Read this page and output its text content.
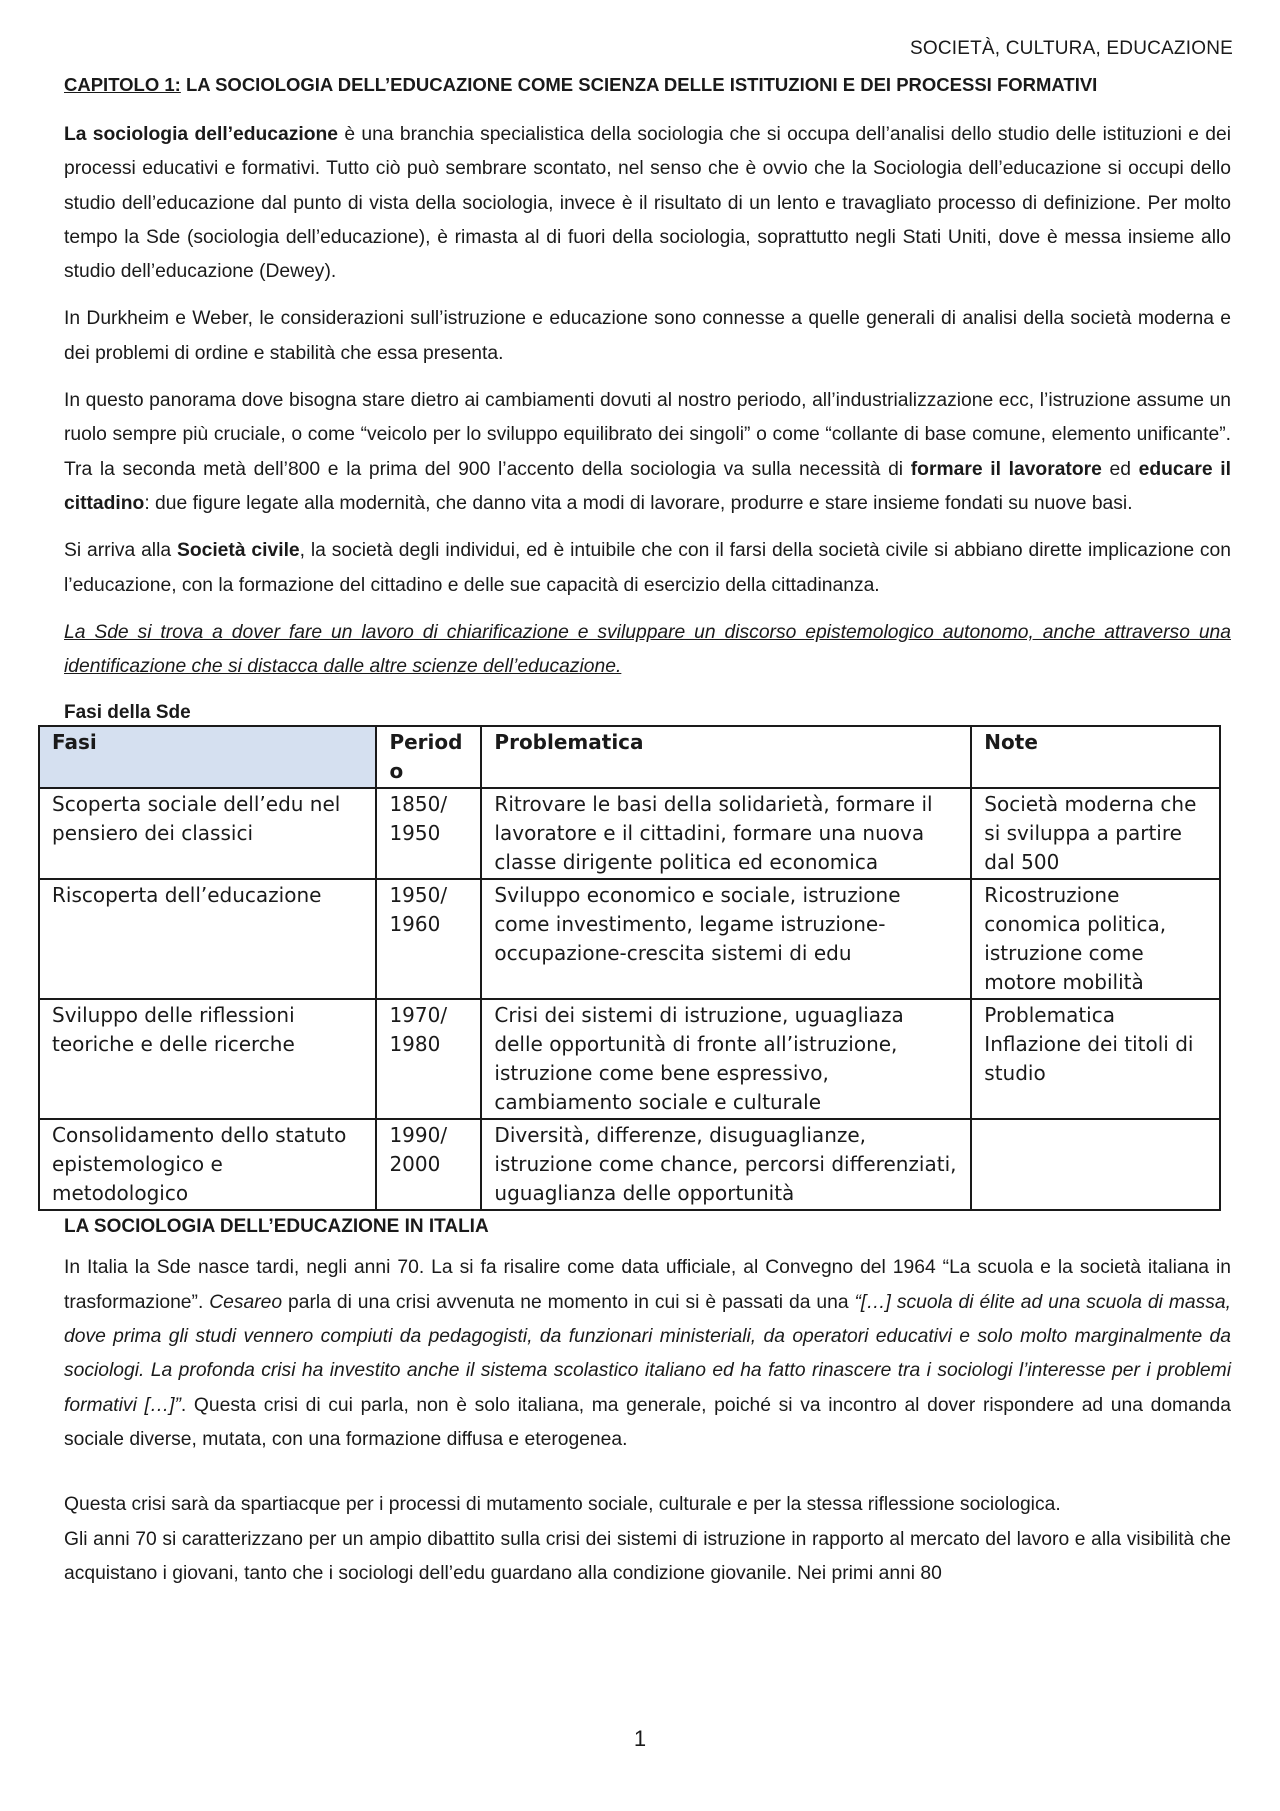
SOCIETÀ, CULTURA, EDUCAZIONE
CAPITOLO 1: LA SOCIOLOGIA DELL’EDUCAZIONE COME SCIENZA DELLE ISTITUZIONI E DEI PROCESSI FORMATIVI

La sociologia dell’educazione è una branchia specialistica della sociologia che si occupa dell’analisi dello studio delle istituzioni e dei processi educativi e formativi. Tutto ciò può sembrare scontato, nel senso che è ovvio che la Sociologia dell’educazione si occupi dello studio dell’educazione dal punto di vista della sociologia, invece è il risultato di un lento e travagliato processo di definizione. Per molto tempo la Sde (sociologia dell’educazione), è rimasta al di fuori della sociologia, soprattutto negli Stati Uniti, dove è messa insieme allo studio dell’educazione (Dewey).

In Durkheim e Weber, le considerazioni sull’istruzione e educazione sono connesse a quelle generali di analisi della società moderna e dei problemi di ordine e stabilità che essa presenta.

In questo panorama dove bisogna stare dietro ai cambiamenti dovuti al nostro periodo, all’industrializzazione ecc, l’istruzione assume un ruolo sempre più cruciale, o come “veicolo per lo sviluppo equilibrato dei singoli” o come “collante di base comune, elemento unificante”. Tra la seconda metà dell’800 e la prima del 900 l’accento della sociologia va sulla necessità di formare il lavoratore ed educare il cittadino: due figure legate alla modernità, che danno vita a modi di lavorare, produrre e stare insieme fondati su nuove basi.

Si arriva alla Società civile, la società degli individui, ed è intuibile che con il farsi della società civile si abbiano dirette implicazione con l’educazione, con la formazione del cittadino e delle sue capacità di esercizio della cittadinanza.

La Sde si trova a dover fare un lavoro di chiarificazione e sviluppare un discorso epistemologico autonomo, anche attraverso una identificazione che si distacca dalle altre scienze dell’educazione.

Fasi della Sde
Fasi	Period o	Problematica	Note
Scoperta sociale dell’edu nel pensiero dei classici	1850/ 1950	Ritrovare le basi della solidarietà, formare il lavoratore e il cittadini, formare una nuova classe dirigente politica ed economica	Società moderna che si sviluppa a partire dal 500
Riscoperta dell’educazione	1950/ 1960	Sviluppo economico e sociale, istruzione come investimento, legame istruzione-occupazione-crescita sistemi di edu	Ricostruzione conomica politica, istruzione come motore mobilità
Sviluppo delle riflessioni teoriche e delle ricerche	1970/ 1980	Crisi dei sistemi di istruzione, uguagliaza delle opportunità di fronte all’istruzione, istruzione come bene espressivo, cambiamento sociale e culturale	Problematica Inflazione dei titoli di studio
Consolidamento dello statuto epistemologico e metodologico	1990/ 2000	Diversità, differenze, disuguaglianze, istruzione come chance, percorsi differenziati, uguaglianza delle opportunità	
LA SOCIOLOGIA DELL’EDUCAZIONE IN ITALIA

In Italia la Sde nasce tardi, negli anni 70. La si fa risalire come data ufficiale, al Convegno del 1964 “La scuola e la società italiana in trasformazione”. Cesareo parla di una crisi avvenuta ne momento in cui si è passati da una “[…] scuola di élite ad una scuola di massa, dove prima gli studi vennero compiuti da pedagogisti, da funzionari ministeriali, da operatori educativi e solo molto marginalmente da sociologi. La profonda crisi ha investito anche il sistema scolastico italiano ed ha fatto rinascere tra i sociologi l’interesse per i problemi formativi […]”. Questa crisi di cui parla, non è solo italiana, ma generale, poiché si va incontro al dover rispondere ad una domanda sociale diverse, mutata, con una formazione diffusa e eterogenea.

Questa crisi sarà da spartiacque per i processi di mutamento sociale, culturale e per la stessa riflessione sociologica.

Gli anni 70 si caratterizzano per un ampio dibattito sulla crisi dei sistemi di istruzione in rapporto al mercato del lavoro e alla visibilità che acquistano i giovani, tanto che i sociologi dell’edu guardano alla condizione giovanile. Nei primi anni 80

1
